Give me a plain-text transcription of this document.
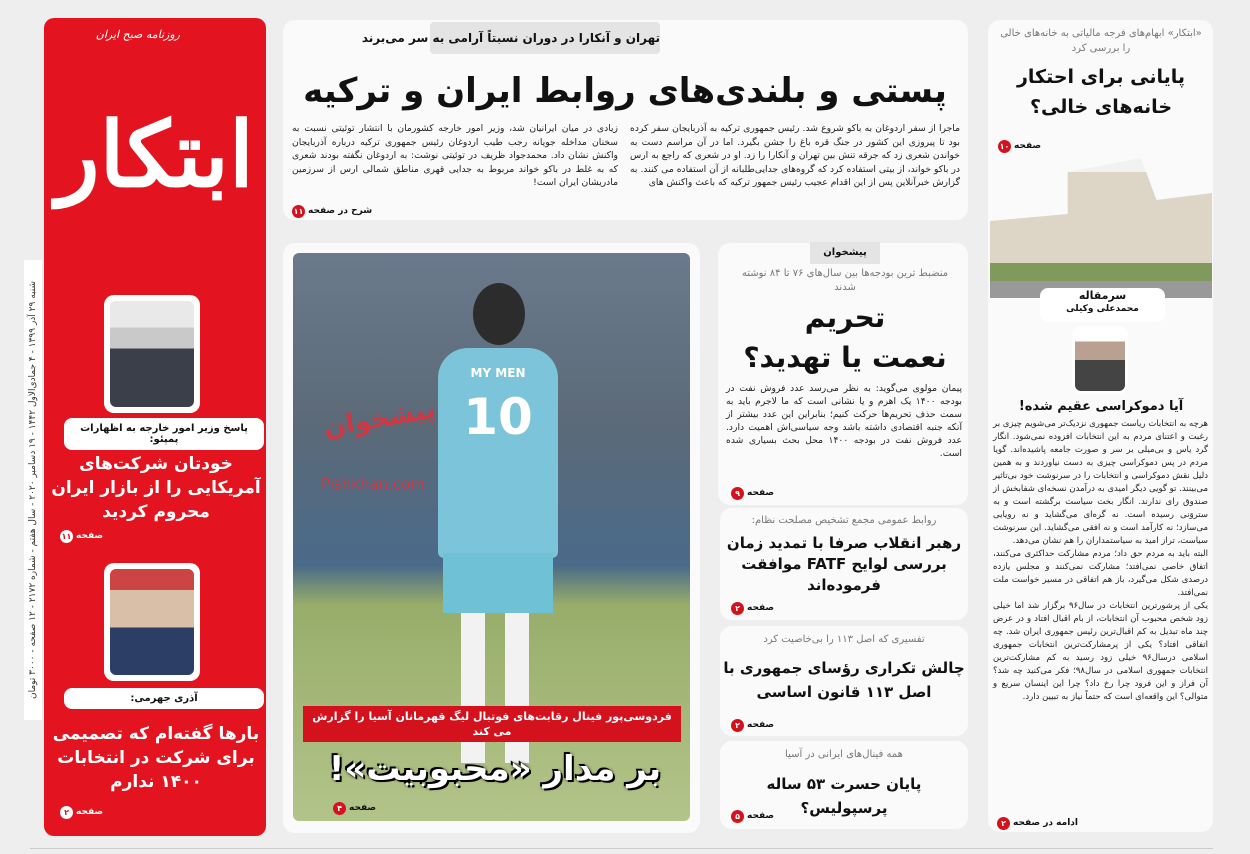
ابتکار
روزنامه صبح ایران
شنبه ۲۹ آذر ۱۳۹۹ - ۴ جمادی‌الاول ۱۴۴۲ - ۱۹ دسامبر ۲۰۲۰ - سال هفتم - شماره ۲۱۷۲ - ۱۲ صفحه - ۳۰۰۰ تومان
پاسخ وزیر امور خارجه به اظهارات پمپئو:
خودتان شرکت‌های آمریکایی را از بازار ایران محروم کردید
صفحه
۱۱
آذری جهرمی:
بارها گفته‌ام که تصمیمی برای شرکت در انتخابات ۱۴۰۰ ندارم
صفحه
۲
تهران و آنکارا در دوران نسبتاً آرامی به سر می‌برند
پستی و بلندی‌های روابط ایران و ترکیه
ماجرا از سفر اردوغان به باکو شروع شد. رئیس جمهوری ترکیه به آذربایجان سفر کرده بود تا پیروزی این کشور در جنگ قره باغ را جشن بگیرد. اما در آن مراسم دست به خواندن شعری زد که جرقه تنش بین تهران و آنکارا را زد. او در شعری که راجع به ارس در باکو خواند، از بیتی استفاده کرد که گروه‌های جدایی‌طلبانه از آن استفاده می کنند. به گزارش خبرآنلاین پس از این اقدام عجیب رئیس جمهور ترکیه که باعث واکنش های
زیادی در میان ایرانیان شد، وزیر امور خارجه کشورمان با انتشار توئیتی نسبت به سخنان مداخله جویانه رجب طیب اردوغان رئیس جمهوری ترکیه درباره آذربایجان واکنش نشان داد. محمدجواد ظریف در توئیتی نوشت: به اردوغان نگفته بودند شعری که به غلط در باکو خواند مربوط به جدایی قهری مناطق شمالی ارس از سرزمین مادریشان ایران است!
شرح در صفحه
۱۱
MY MEN
10
پیشخوان
Pishkhan.com
فردوسی‌پور فینال رقابت‌های فوتبال لیگ قهرمانان آسیا را گزارش می کند
بر مدار «محبوبیت»!
صفحه
۴
پیشخوان
منضبط ترین بودجه‌ها بین سال‌های ۷۶ تا ۸۴ نوشته شدند
تحریم
نعمت یا تهدید؟
پیمان مولوی می‌گوید: به نظر می‌رسد عدد فروش نفت در بودجه ۱۴۰۰ یک اهرم و یا نشانی است که ما لاجرم باید به سمت حذف تحریم‌ها حرکت کنیم؛ بنابراین این عدد بیشتر از آنکه جنبه اقتصادی داشته باشد وجه سیاسی‌اش اهمیت دارد. عدد فروش نفت در بودجه ۱۴۰۰ محل بحث بسیاری شده است.
صفحه
۹
روابط عمومی مجمع تشخیص مصلحت نظام:
رهبر انقلاب صرفا با تمدید زمان بررسی لوایح FATF موافقت فرموده‌اند
صفحه
۲
تفسیری که اصل ۱۱۳ را بی‌خاصیت کرد
چالش تکراری رؤسای جمهوری با اصل ۱۱۳ قانون اساسی
صفحه
۲
همه فینال‌های ایرانی در آسیا
پایان حسرت ۵۳ ساله پرسپولیس؟
صفحه
۵
«ابتکار» ابهام‌های فرجه مالیاتی به خانه‌های خالی را بررسی کرد
پایانی برای احتکار خانه‌های خالی؟
صفحه
۱۰
سرمقاله
محمدعلی وکیلی
آیا دموکراسی عقیم شده!

هرچه به انتخابات ریاست جمهوری نزدیک‌تر می‌شویم چیزی بر رغبت و اعتنای مردم به این انتخابات افزوده نمی‌شود. انگار گرد یاس و بی‌میلی بر سر و صورت جامعه پاشیده‌اند. گویا مردم در پس دموکراسی چیزی به دست نیاوردند و به همین دلیل نقش دموکراسی و انتخابات را در سرنوشت خود بی‌تاثیر می‌بینند. تو گویی دیگر امیدی به درآمدن نسخه‌ای شفابخش از صندوق رای ندارند. انگار بخت سیاست برگشته است و به ستروَنی رسیده است. نه گره‌ای می‌گشاید و نه رویایی می‌سازد؛ نه کارآمد است و نه افقی می‌گشاید. این سرنوشت سیاست، تراز امید به سیاستمداران را هم نشان می‌دهد.

البته باید به مردم حق داد؛ مردم مشارکت حداکثری می‌کنند، اتفاق خاصی نمی‌افتد؛ مشارکت نمی‌کنند و مجلس یازده درصدی شکل می‌گیرد، باز هم اتفاقی در مسیر خواست ملت نمی‌افتد.

یکی از پرشورترین انتخابات در سال۹۶ برگزار شد اما خیلی زود شخص محبوب آن انتخابات، از بام اقبال افتاد و در عرض چند ماه تبدیل به کم اقبال‌ترین رئیس جمهوری ایران شد. چه اتفاقی افتاد؟ یکی از پرمشارکت‌ترین انتخابات جمهوری اسلامی درسال۹۶ خیلی زود رسید به کم مشارکت‌ترین انتخابات جمهوری اسلامی در سال۹۸؛ فکر می‌کنید چه شد؟ آن فراز و این فرود چرا رخ داد؟ چرا این اینسان سریع و متوالی؟ این واقعه‌ای است که حتماً نیاز به تبیین دارد.

ادامه در صفحه
۲
